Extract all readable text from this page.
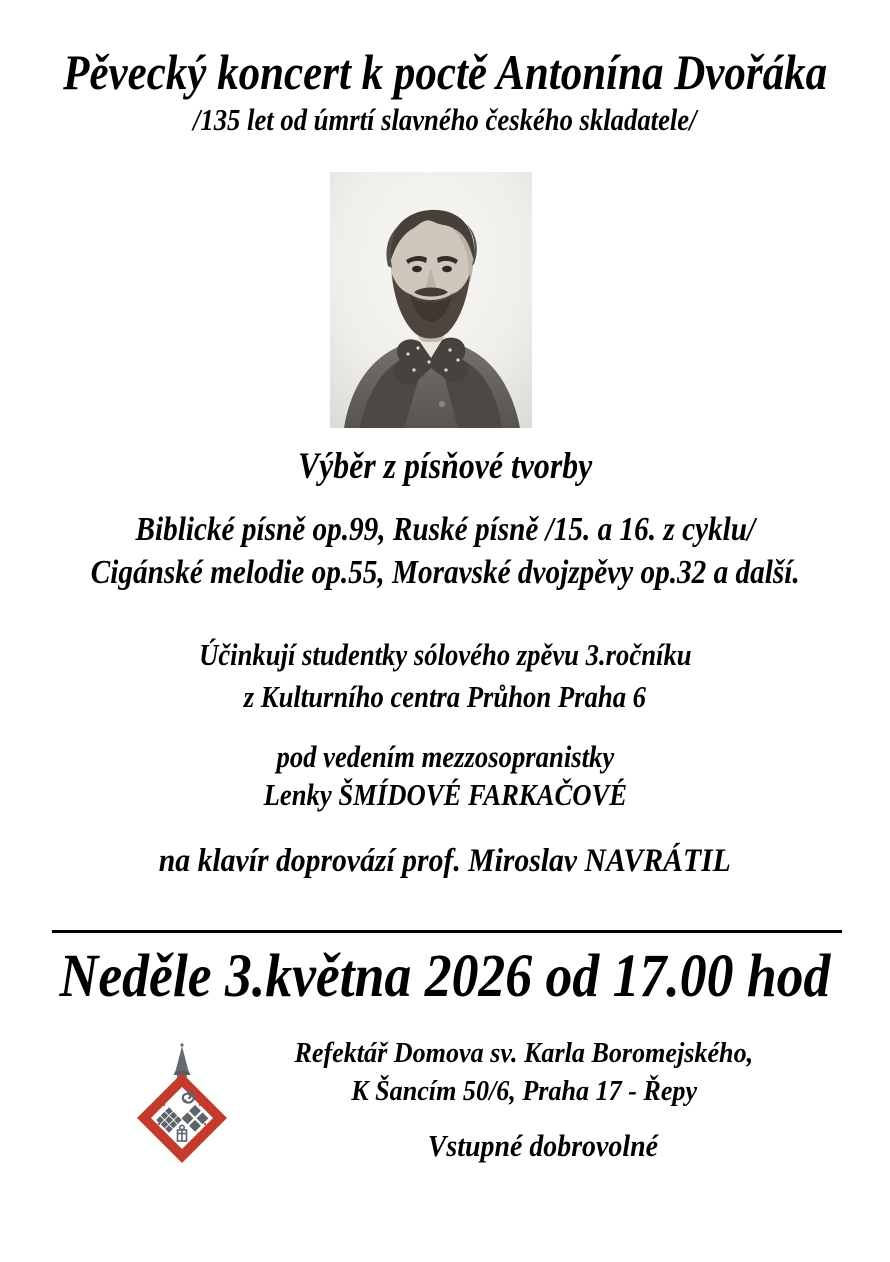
Pěvecký koncert k poctě Antonína Dvořáka
/135 let od úmrtí slavného českého skladatele/
Výběr z písňové tvorby
Biblické písně op.99, Ruské písně /15. a 16. z cyklu/
Cigánské melodie op.55, Moravské dvojzpěvy op.32 a další.
Účinkují studentky sólového zpěvu 3.ročníku
z Kulturního centra Průhon Praha 6
pod vedením mezzosopranistky
Lenky ŠMÍDOVÉ FARKAČOVÉ
na klavír doprovází prof. Miroslav NAVRÁTIL
Neděle 3.května 2026 od 17.00 hod
Refektář Domova sv. Karla Boromejského,
K Šancím 50/6, Praha 17 - Řepy
Vstupné dobrovolné
